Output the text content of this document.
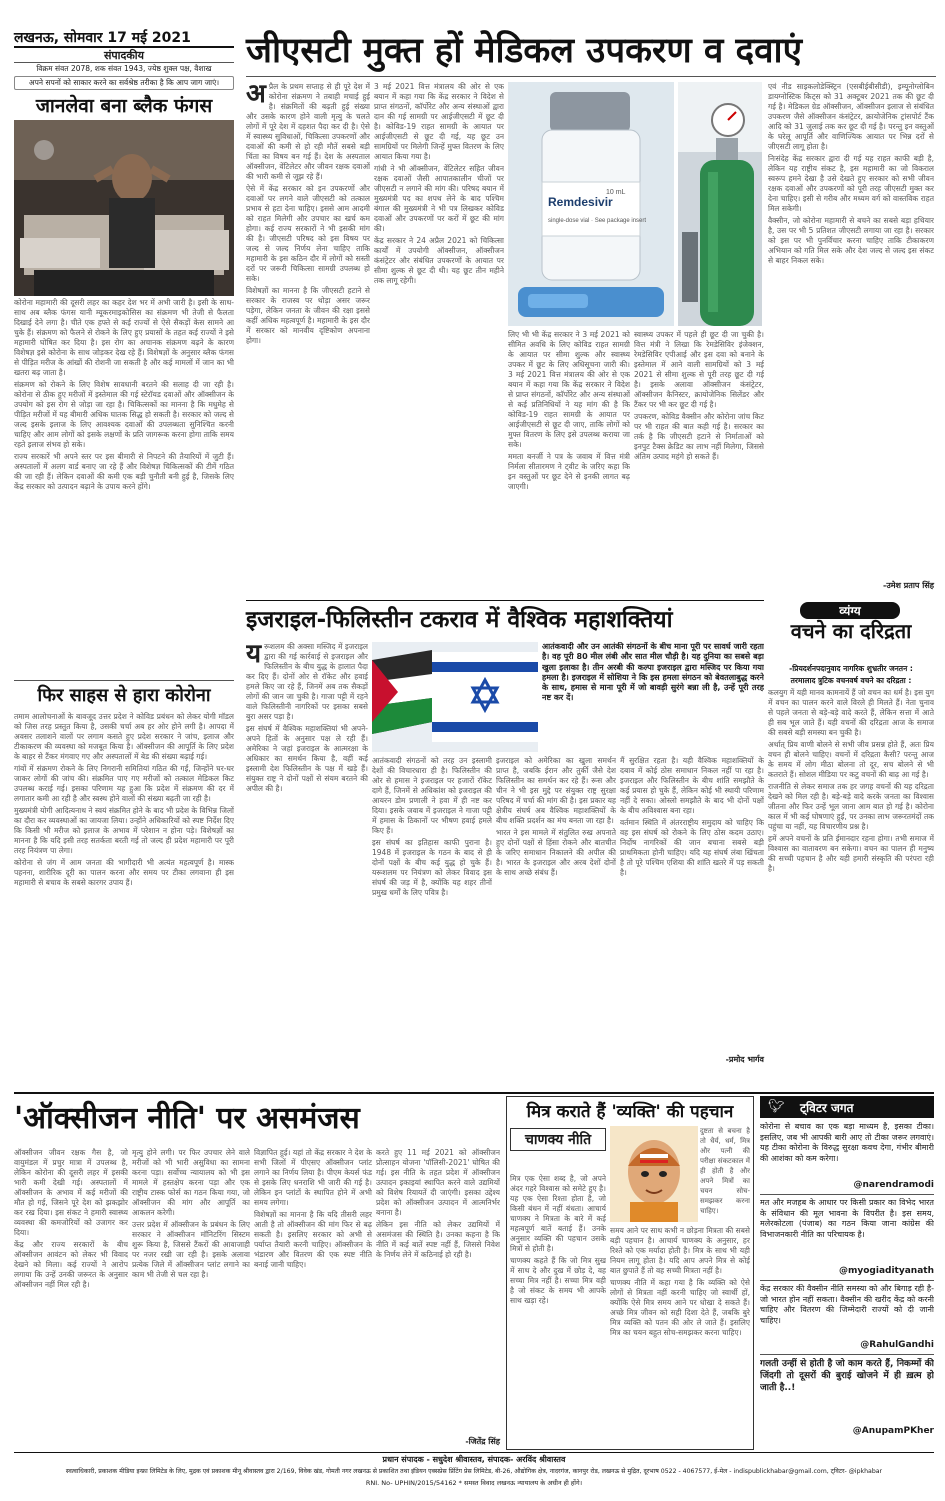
लखनऊ, सोमवार 17 मई 2021
संपादकीय
विक्रम संवत 2078, शक संवत 1943, ज्येष्ठ शुक्ल पक्ष, वैशाख
अपने सपनों को साकार करने का सर्वश्रेष्ठ तरीका है कि आप जाग जाएं।
जीएसटी मुक्त हों मेडिकल उपकरण व दवाएं
जानलेवा बना ब्लैक फंगस

कोरोना महामारी की दूसरी लहर का कहर देश भर में अभी जारी है। इसी के साथ-साथ अब ब्लैक फंगस यानी म्यूकरमाइकोसिस का संक्रमण भी तेजी से फैलता दिखाई देने लगा है। चीते एक हफ्ते से कई राज्यों से ऐसे सैकड़ों केस सामने आ चुके हैं। संक्रमण को फैलने से रोकने के लिए हुए प्रयासों के तहत कई राज्यों ने इसे महामारी घोषित कर दिया है। इस रोग का अचानक संक्रमण बढ़ने के कारण विशेषज्ञ इसे कोरोना के साथ जोड़कर देख रहे हैं। विशेषज्ञों के अनुसार ब्लैक फंगस से पीड़ित मरीज के आंखों की रोशनी जा सकती है और कई मामलों में जान का भी खतरा बढ़ जाता है।

संक्रमण को रोकने के लिए विशेष सावधानी बरतने की सलाह दी जा रही है। कोरोना से ठीक हुए मरीजों में इस्तेमाल की गई स्टेरॉयड दवाओं और ऑक्सीजन के उपयोग को इस रोग से जोड़ा जा रहा है। चिकित्सकों का मानना है कि मधुमेह से पीड़ित मरीजों में यह बीमारी अधिक घातक सिद्ध हो सकती है। सरकार को जल्द से जल्द इसके इलाज के लिए आवश्यक दवाओं की उपलब्धता सुनिश्चित करनी चाहिए और आम लोगों को इसके लक्षणों के प्रति जागरूक करना होगा ताकि समय रहते इलाज संभव हो सके।

राज्य सरकारें भी अपने स्तर पर इस बीमारी से निपटने की तैयारियों में जुटी हैं। अस्पतालों में अलग वार्ड बनाए जा रहे हैं और विशेषज्ञ चिकित्सकों की टीमें गठित की जा रही हैं। लेकिन दवाओं की कमी एक बड़ी चुनौती बनी हुई है, जिसके लिए केंद्र सरकार को उत्पादन बढ़ाने के उपाय करने होंगे।

फिर साहस से हारा कोरोना

तमाम आलोचनाओं के बावजूद उत्तर प्रदेश ने कोविड प्रबंधन को लेकर योगी मॉडल को जिस तरह प्रस्तुत किया है, उसकी चर्चा अब हर ओर होने लगी है। आपदा में अवसर तलाशने वालों पर लगाम कसते हुए प्रदेश सरकार ने जांच, इलाज और टीकाकरण की व्यवस्था को मजबूत किया है। ऑक्सीजन की आपूर्ति के लिए प्रदेश के बाहर से टैंकर मंगवाए गए और अस्पतालों में बेड की संख्या बढ़ाई गई।

गांवों में संक्रमण रोकने के लिए निगरानी समितियां गठित की गईं, जिन्होंने घर-घर जाकर लोगों की जांच की। संक्रमित पाए गए मरीजों को तत्काल मेडिकल किट उपलब्ध कराई गई। इसका परिणाम यह हुआ कि प्रदेश में संक्रमण की दर में लगातार कमी आ रही है और स्वस्थ होने वालों की संख्या बढ़ती जा रही है।

मुख्यमंत्री योगी आदित्यनाथ ने स्वयं संक्रमित होने के बाद भी प्रदेश के विभिन्न जिलों का दौरा कर व्यवस्थाओं का जायजा लिया। उन्होंने अधिकारियों को स्पष्ट निर्देश दिए कि किसी भी मरीज को इलाज के अभाव में परेशान न होना पड़े। विशेषज्ञों का मानना है कि यदि इसी तरह सतर्कता बरती गई तो जल्द ही प्रदेश महामारी पर पूरी तरह नियंत्रण पा लेगा।

कोरोना से जंग में आम जनता की भागीदारी भी अत्यंत महत्वपूर्ण है। मास्क पहनना, शारीरिक दूरी का पालन करना और समय पर टीका लगवाना ही इस महामारी से बचाव के सबसे कारगर उपाय हैं।

अ प्रैल के प्रथम सप्ताह से ही पूरे देश में कोरोना संक्रमण ने तबाही मचाई हुई है। संक्रमितों की बढ़ती हुई संख्या और उसके कारण होने वाली मृत्यु के चलते लोगों में पूरे देश में दहशत पैदा कर दी है। ऐसे में स्वास्थ्य सुविधाओं, चिकित्सा उपकरणों और दवाओं की कमी से हो रही मौतें सबसे बड़ी चिंता का विषय बन गई हैं। देश के अस्पताल ऑक्सीजन, वेंटिलेटर और जीवन रक्षक दवाओं की भारी कमी से जूझ रहे हैं।

ऐसे में केंद्र सरकार को इन उपकरणों और दवाओं पर लगने वाले जीएसटी को तत्काल प्रभाव से हटा देना चाहिए। इससे आम आदमी को राहत मिलेगी और उपचार का खर्च कम होगा। कई राज्य सरकारों ने भी इसकी मांग की है। जीएसटी परिषद को इस विषय पर जल्द से जल्द निर्णय लेना चाहिए ताकि महामारी के इस कठिन दौर में लोगों को सस्ती दरों पर जरूरी चिकित्सा सामग्री उपलब्ध हो सके।

विशेषज्ञों का मानना है कि जीएसटी हटाने से सरकार के राजस्व पर थोड़ा असर जरूर पड़ेगा, लेकिन जनता के जीवन की रक्षा इससे कहीं अधिक महत्वपूर्ण है। महामारी के इस दौर में सरकार को मानवीय दृष्टिकोण अपनाना होगा।

3 मई 2021 वित्त मंत्रालय की ओर से एक बयान में कहा गया कि केंद्र सरकार ने विदेश से प्राप्त संगठनों, कॉर्पोरेट और अन्य संस्थाओं द्वारा दान की गई सामग्री पर आईजीएसटी में छूट दी है। कोविड-19 राहत सामग्री के आयात पर आईजीएसटी से छूट दी गई, यह छूट उन सामग्रियों पर मिलेगी जिन्हें मुफ्त वितरण के लिए आयात किया गया है।

गांधी ने भी ऑक्सीजन, वेंटिलेटर सहित जीवन रक्षक दवाओं जैसी आपातकालीन चीजों पर जीएसटी न लगाने की मांग की। परिषद बयान में मुख्यमंत्री पद का शपथ लेने के बाद पश्चिम बंगाल की मुख्यमंत्री ने भी पत्र लिखकर कोविड दवाओं और उपकरणों पर करों में छूट की मांग की।

केंद्र सरकार ने 24 अप्रैल 2021 को चिकित्सा कार्यों में उपयोगी ऑक्सीजन, ऑक्सीजन कंसंट्रेटर और संबंधित उपकरणों के आयात पर सीमा शुल्क से छूट दी थी। यह छूट तीन महीने तक लागू रहेगी।

Remdesivir
single-dose vial · See package insert
10 mL

लिए भी भी केंद्र सरकार ने 3 मई 2021 को सीमित अवधि के लिए कोविड राहत सामग्री के आयात पर सीमा शुल्क और स्वास्थ्य उपकर में छूट के लिए अधिसूचना जारी की। 3 मई 2021 वित्त मंत्रालय की ओर से एक बयान में कहा गया कि केंद्र सरकार ने विदेश से प्राप्त संगठनों, कॉर्पोरेट और अन्य संस्थाओं से कई प्रतिनिधियों ने यह मांग की है कि कोविड-19 राहत सामग्री के आयात पर आईजीएसटी से छूट दी जाए, ताकि लोगों को मुफ्त वितरण के लिए इसे उपलब्ध कराया जा सके।

ममता बनर्जी ने पत्र के जवाब में वित्त मंत्री निर्मला सीतारमण ने ट्वीट के जरिए कहा कि इन वस्तुओं पर छूट देने से इनकी लागत बढ़ जाएगी।

स्वास्थ्य उपकर में पहले ही छूट दी जा चुकी है। वित्त मंत्री ने लिखा कि रेमडेसिविर इंजेक्शन, रेमडेसिविर एपीआई और इस दवा को बनाने के इस्तेमाल में आने वाली सामग्रियों को 3 मई 2021 से सीमा शुल्क से पूरी तरह छूट दी गई है। इसके अलावा ऑक्सीजन कंसंट्रेटर, ऑक्सीजन कैनिस्टर, क्रायोजेनिक सिलेंडर और टैंकर पर भी कर छूट दी गई है।

उपकरण, कोविड वैक्सीन और कोरोना जांच किट पर भी राहत की बात कही गई है। सरकार का तर्क है कि जीएसटी हटाने से निर्माताओं को इनपुट टैक्स क्रेडिट का लाभ नहीं मिलेगा, जिससे अंतिम उत्पाद महंगे हो सकते हैं।

एवं नीड साइकलोडेक्स्ट्रिन (एसबीईबीसीडी), इम्यूनोग्लोबिन डायग्नोस्टिक किट्स को 31 अक्टूबर 2021 तक की छूट दी गई है। मेडिकल ग्रेड ऑक्सीजन, ऑक्सीजन इलाज से संबंधित उपकरण जैसे ऑक्सीजन कंसंट्रेटर, क्रायोजेनिक ट्रांसपोर्ट टैंक आदि को 31 जुलाई तक कर छूट दी गई है। परन्तु इन वस्तुओं के घरेलू आपूर्ति और वाणिज्यिक आयात पर भिन्न दरों से जीएसटी लागू होता है।

निःसंदेह केंद्र सरकार द्वारा दी गई यह राहत काफी बड़ी है, लेकिन यह राष्ट्रीय संकट है, इस महामारी का जो विकराल स्वरूप हमने देखा है उसे देखते हुए सरकार को सभी जीवन रक्षक दवाओं और उपकरणों को पूरी तरह जीएसटी मुक्त कर देना चाहिए। इसी से गरीब और मध्यम वर्ग को वास्तविक राहत मिल सकेगी।

वैक्सीन, जो कोरोना महामारी से बचने का सबसे बड़ा हथियार है, उस पर भी 5 प्रतिशत जीएसटी लगाया जा रहा है। सरकार को इस पर भी पुनर्विचार करना चाहिए ताकि टीकाकरण अभियान को गति मिल सके और देश जल्द से जल्द इस संकट से बाहर निकल सके।

-उमेश प्रताप सिंह
इजराइल-फिलिस्तीन टकराव में वैश्विक महाशक्तियां
य रूशलम की अक्सा मस्जिद में इजराइल द्वारा की गई कार्रवाई से इजराइल और फिलिस्तीन के बीच युद्ध के हालात पैदा कर दिए हैं। दोनों ओर से रॉकेट और हवाई हमले किए जा रहे हैं, जिनमें अब तक सैकड़ों लोगों की जान जा चुकी है। गाजा पट्टी में रहने वाले फिलिस्तीनी नागरिकों पर इसका सबसे बुरा असर पड़ा है।

इस संघर्ष में वैश्विक महाशक्तियां भी अपने-अपने हितों के अनुसार पक्ष ले रही हैं। अमेरिका ने जहां इजराइल के आत्मरक्षा के अधिकार का समर्थन किया है, वहीं कई इस्लामी देश फिलिस्तीन के पक्ष में खड़े हैं। संयुक्त राष्ट्र ने दोनों पक्षों से संयम बरतने की अपील की है।

आतंकवादी और उन आतंकी संगठनों के बीच माना पूरी पर सावर्ध जारी रहता है। वह पूरी 80 मील लंबी और सात मील चौड़ी है। यह दुनिया का सबसे बड़ा खुला इलाका है। तीन अरबी की कल्पा इजराइल द्वारा मस्जिद पर किया गया हमला है। इजराइल में सोशिया ने कि इस हमला संगठन को बेवतलाबुद्ध करने के साथ, हमास से माना पूरी में जो बावड़ी सुरंगे बन्ना ली है, उन्हें पूरी तरह नष्ट कर दें।

आतंकवादी संगठनों को तरह उन इस्लामी देशों की विचारधारा ही है। फिलिस्तीन की ओर से हमास ने इजराइल पर हजारों रॉकेट दागे हैं, जिनमें से अधिकांश को इजराइल की आयरन डोम प्रणाली ने हवा में ही नष्ट कर दिया। इसके जवाब में इजराइल ने गाजा पट्टी में हमास के ठिकानों पर भीषण हवाई हमले किए हैं।

इस संघर्ष का इतिहास काफी पुराना है। 1948 में इजराइल के गठन के बाद से ही दोनों पक्षों के बीच कई युद्ध हो चुके हैं। यरूशलम पर नियंत्रण को लेकर विवाद इस संघर्ष की जड़ में है, क्योंकि यह शहर तीनों प्रमुख धर्मों के लिए पवित्र है।

इजराइल को अमेरिका का खुला समर्थन प्राप्त है, जबकि ईरान और तुर्की जैसे देश फिलिस्तीन का समर्थन कर रहे हैं। रूस और चीन ने भी इस मुद्दे पर संयुक्त राष्ट्र सुरक्षा परिषद में चर्चा की मांग की है। इस प्रकार यह क्षेत्रीय संघर्ष अब वैश्विक महाशक्तियों के बीच शक्ति प्रदर्शन का मंच बनता जा रहा है।

भारत ने इस मामले में संतुलित रुख अपनाते हुए दोनों पक्षों से हिंसा रोकने और बातचीत के जरिए समाधान निकालने की अपील की है। भारत के इजराइल और अरब देशों दोनों के साथ अच्छे संबंध हैं।

मैं सुरक्षित रहता है। यही वैश्विक महाशक्तियों के दबाव में कोई ठोस समाधान निकल नहीं पा रहा है। इजराइल और फिलिस्तीन के बीच शांति समझौते के कई प्रयास हो चुके हैं, लेकिन कोई भी स्थायी परिणाम नहीं दे सका। ओस्लो समझौते के बाद भी दोनों पक्षों के बीच अविश्वास बना रहा।

वर्तमान स्थिति में अंतरराष्ट्रीय समुदाय को चाहिए कि वह इस संघर्ष को रोकने के लिए ठोस कदम उठाए। निर्दोष नागरिकों की जान बचाना सबसे बड़ी प्राथमिकता होनी चाहिए। यदि यह संघर्ष लंबा खिंचता है तो पूरे पश्चिम एशिया की शांति खतरे में पड़ सकती है।

-प्रमोद भार्गव
व्यंग्य
वचने का दरिद्रता
-प्रियदर्शनपदानुवाद नागरिक शुभ्रतीर जनतन :
तरमालाद त्रुटिक वचनवर्ष वचने का दरिद्रता :

कलयुग में यही मानव कामनायें हैं जो वचन का धर्म है। इस युग में वचन का पालन करने वाले विरले ही मिलते हैं। नेता चुनाव से पहले जनता से बड़े-बड़े वादे करते हैं, लेकिन सत्ता में आते ही सब भूल जाते हैं। यही वचनों की दरिद्रता आज के समाज की सबसे बड़ी समस्या बन चुकी है।

अर्थात् प्रिय वाणी बोलने से सभी जीव प्रसन्न होते हैं, अतः प्रिय वचन ही बोलने चाहिए। वचनों में दरिद्रता कैसी? परन्तु आज के समय में लोग मीठा बोलना तो दूर, सच बोलने से भी कतराते हैं। सोशल मीडिया पर कटु वचनों की बाढ़ आ गई है।

राजनीति से लेकर समाज तक हर जगह वचनों की यह दरिद्रता देखने को मिल रही है। बड़े-बड़े वादे करके जनता का विश्वास जीतना और फिर उन्हें भूल जाना आम बात हो गई है। कोरोना काल में भी कई घोषणाएं हुईं, पर उनका लाभ जरूरतमंदों तक पहुंचा या नहीं, यह विचारणीय प्रश्न है।

हमें अपने वचनों के प्रति ईमानदार रहना होगा। तभी समाज में विश्वास का वातावरण बन सकेगा। वचन का पालन ही मनुष्य की सच्ची पहचान है और यही हमारी संस्कृति की परंपरा रही है।

'ऑक्सीजन नीति' पर असमंजस

ऑक्सीजन जीवन रक्षक गैस है, जो वायुमंडल में प्रचुर मात्रा में उपलब्ध है, लेकिन कोरोना की दूसरी लहर में इसकी भारी कमी देखी गई। अस्पतालों में ऑक्सीजन के अभाव में कई मरीजों की मौत हो गई, जिसने पूरे देश को झकझोर कर रख दिया। इस संकट ने हमारी स्वास्थ्य व्यवस्था की कमजोरियों को उजागर कर दिया।

केंद्र और राज्य सरकारों के बीच ऑक्सीजन आवंटन को लेकर भी विवाद देखने को मिला। कई राज्यों ने आरोप लगाया कि उन्हें उनकी जरूरत के अनुसार ऑक्सीजन नहीं मिल रही है।

मृत्यु होने लगी। पर फिर उपचार लेने वाले मरीजों को भी भारी असुविधा का सामना करना पड़ा। सर्वोच्च न्यायालय को भी इस मामले में हस्तक्षेप करना पड़ा और एक राष्ट्रीय टास्क फोर्स का गठन किया गया, जो ऑक्सीजन की मांग और आपूर्ति का आकलन करेगी।

उत्तर प्रदेश में ऑक्सीजन के प्रबंधन के लिए सरकार ने ऑक्सीजन मॉनिटरिंग सिस्टम शुरू किया है, जिससे टैंकरों की आवाजाही पर नजर रखी जा रही है। इसके अलावा प्रत्येक जिले में ऑक्सीजन प्लांट लगाने का काम भी तेजी से चल रहा है।

विज्ञापित हुई। यहां तो केंद्र सरकार ने देश के सभी जिलों में पीएसए ऑक्सीजन प्लांट लगाने का निर्णय लिया है। पीएम केयर्स फंड से इसके लिए धनराशि भी जारी की गई है। लेकिन इन प्लांटों के स्थापित होने में अभी समय लगेगा।

विशेषज्ञों का मानना है कि यदि तीसरी लहर आती है तो ऑक्सीजन की मांग फिर से बढ़ सकती है। इसलिए सरकार को अभी से पर्याप्त तैयारी करनी चाहिए। ऑक्सीजन के भंडारण और वितरण की एक स्पष्ट नीति बनाई जानी चाहिए।

करते हुए 11 मई 2021 को ऑक्सीजन प्रोत्साहन योजना 'पॉलिसी-2021' घोषित की गई। इस नीति के तहत प्रदेश में ऑक्सीजन उत्पादन इकाइयां स्थापित करने वाले उद्यमियों को विशेष रियायतें दी जाएंगी। इसका उद्देश्य प्रदेश को ऑक्सीजन उत्पादन में आत्मनिर्भर बनाना है।

लेकिन इस नीति को लेकर उद्यमियों में असमंजस की स्थिति है। उनका कहना है कि नीति में कई बातें स्पष्ट नहीं हैं, जिससे निवेश के निर्णय लेने में कठिनाई हो रही है।

-जितेंद्र सिंह
मित्र कराते हैं 'व्यक्ति' की पहचान
चाणक्य नीति

दुष्टता से बचना है तो धैर्य, धर्म, मित्र और पत्नी की परीक्षा संकटकाल में ही होती है और अपने मित्रों का चयन सोच-समझकर करना चाहिए।

मित्र एक ऐसा शब्द है, जो अपने अंदर गहरे विश्वास को समेटे हुए है। यह एक ऐसा रिश्ता होता है, जो किसी बंधन में नहीं बंधता। आचार्य चाणक्य ने मित्रता के बारे में कई महत्वपूर्ण बातें बताई हैं। उनके अनुसार व्यक्ति की पहचान उसके मित्रों से होती है।

चाणक्य कहते हैं कि जो मित्र सुख में साथ दे और दुख में छोड़ दे, वह सच्चा मित्र नहीं है। सच्चा मित्र वही है जो संकट के समय भी आपके साथ खड़ा रहे।

समय आने पर साथ कभी न छोड़ना मित्रता की सबसे बड़ी पहचान है। आचार्य चाणक्य के अनुसार, हर रिश्ते को एक मर्यादा होती है। मित्र के साथ भी यही नियम लागू होता है। यदि आप अपने मित्र से कोई बात छुपाते हैं तो वह सच्ची मित्रता नहीं है।

चाणक्य नीति में कहा गया है कि व्यक्ति को ऐसे लोगों से मित्रता नहीं करनी चाहिए जो स्वार्थी हों, क्योंकि ऐसे मित्र समय आने पर धोखा दे सकते हैं। अच्छे मित्र जीवन को सही दिशा देते हैं, जबकि बुरे मित्र व्यक्ति को पतन की ओर ले जाते हैं। इसलिए मित्र का चयन बहुत सोच-समझकर करना चाहिए।

🐦︎ ट्विटर जगत
कोरोना से बचाव का एक बड़ा माध्यम है, इसका टीका। इसलिए, जब भी आपकी बारी आए तो टीका जरूर लगवाएं। यह टीका कोरोना के विरुद्ध सुरक्षा कवच देगा, गंभीर बीमारी की आशंका को कम करेगा।
@narendramodi
मत और मजहब के आधार पर किसी प्रकार का विभेद भारत के संविधान की मूल भावना के विपरीत है। इस समय, मलेरकोटला (पंजाब) का गठन किया जाना कांग्रेस की विभाजनकारी नीति का परिचायक है।
@myogiadityanath
केंद्र सरकार की वैक्सीन नीति समस्या को और बिगाड़ रही है- जो भारत होन नहीं सकता। वैक्सीन की खरीद केंद्र को करनी चाहिए और वितरण की जिम्मेदारी राज्यों को दी जानी चाहिए।
@RahulGandhi
गलती उन्हीं से होती है जो काम करते हैं, निकम्मों की जिंदगी तो दूसरों की बुराई खोजने में ही ख़त्म हो जाती है..!
@AnupamPKher
प्रधान संपादक - सधुदेश श्रीवास्तव, संपादक- अरविंद श्रीवास्तव
स्वत्वाधिकारी, प्रकाशक मीडिया इन्फ्रा लिमिटेड के लिए, मुद्रक एवं प्रकाशक मीनू श्रीवास्तव द्वारा 2/169, विवेक खंड, गोमती नगर लखनऊ से प्रकाशित तथा इंडियन एक्सप्रेस प्रिंटिंग प्रेस लिमिटेड, बी-26, औद्योगिक क्षेत्र, नादरगंज, कानपुर रोड, लखनऊ से मुद्रित, दूरभाष 0522 - 4067577, ई-मेल - indispublickhabar@gmail.com, ट्विटर- @ipkhabar
RNI. No- UPHIN/2015/54162 * समस्त विवाद लखनऊ न्यायालय के अधीन ही होंगे।
